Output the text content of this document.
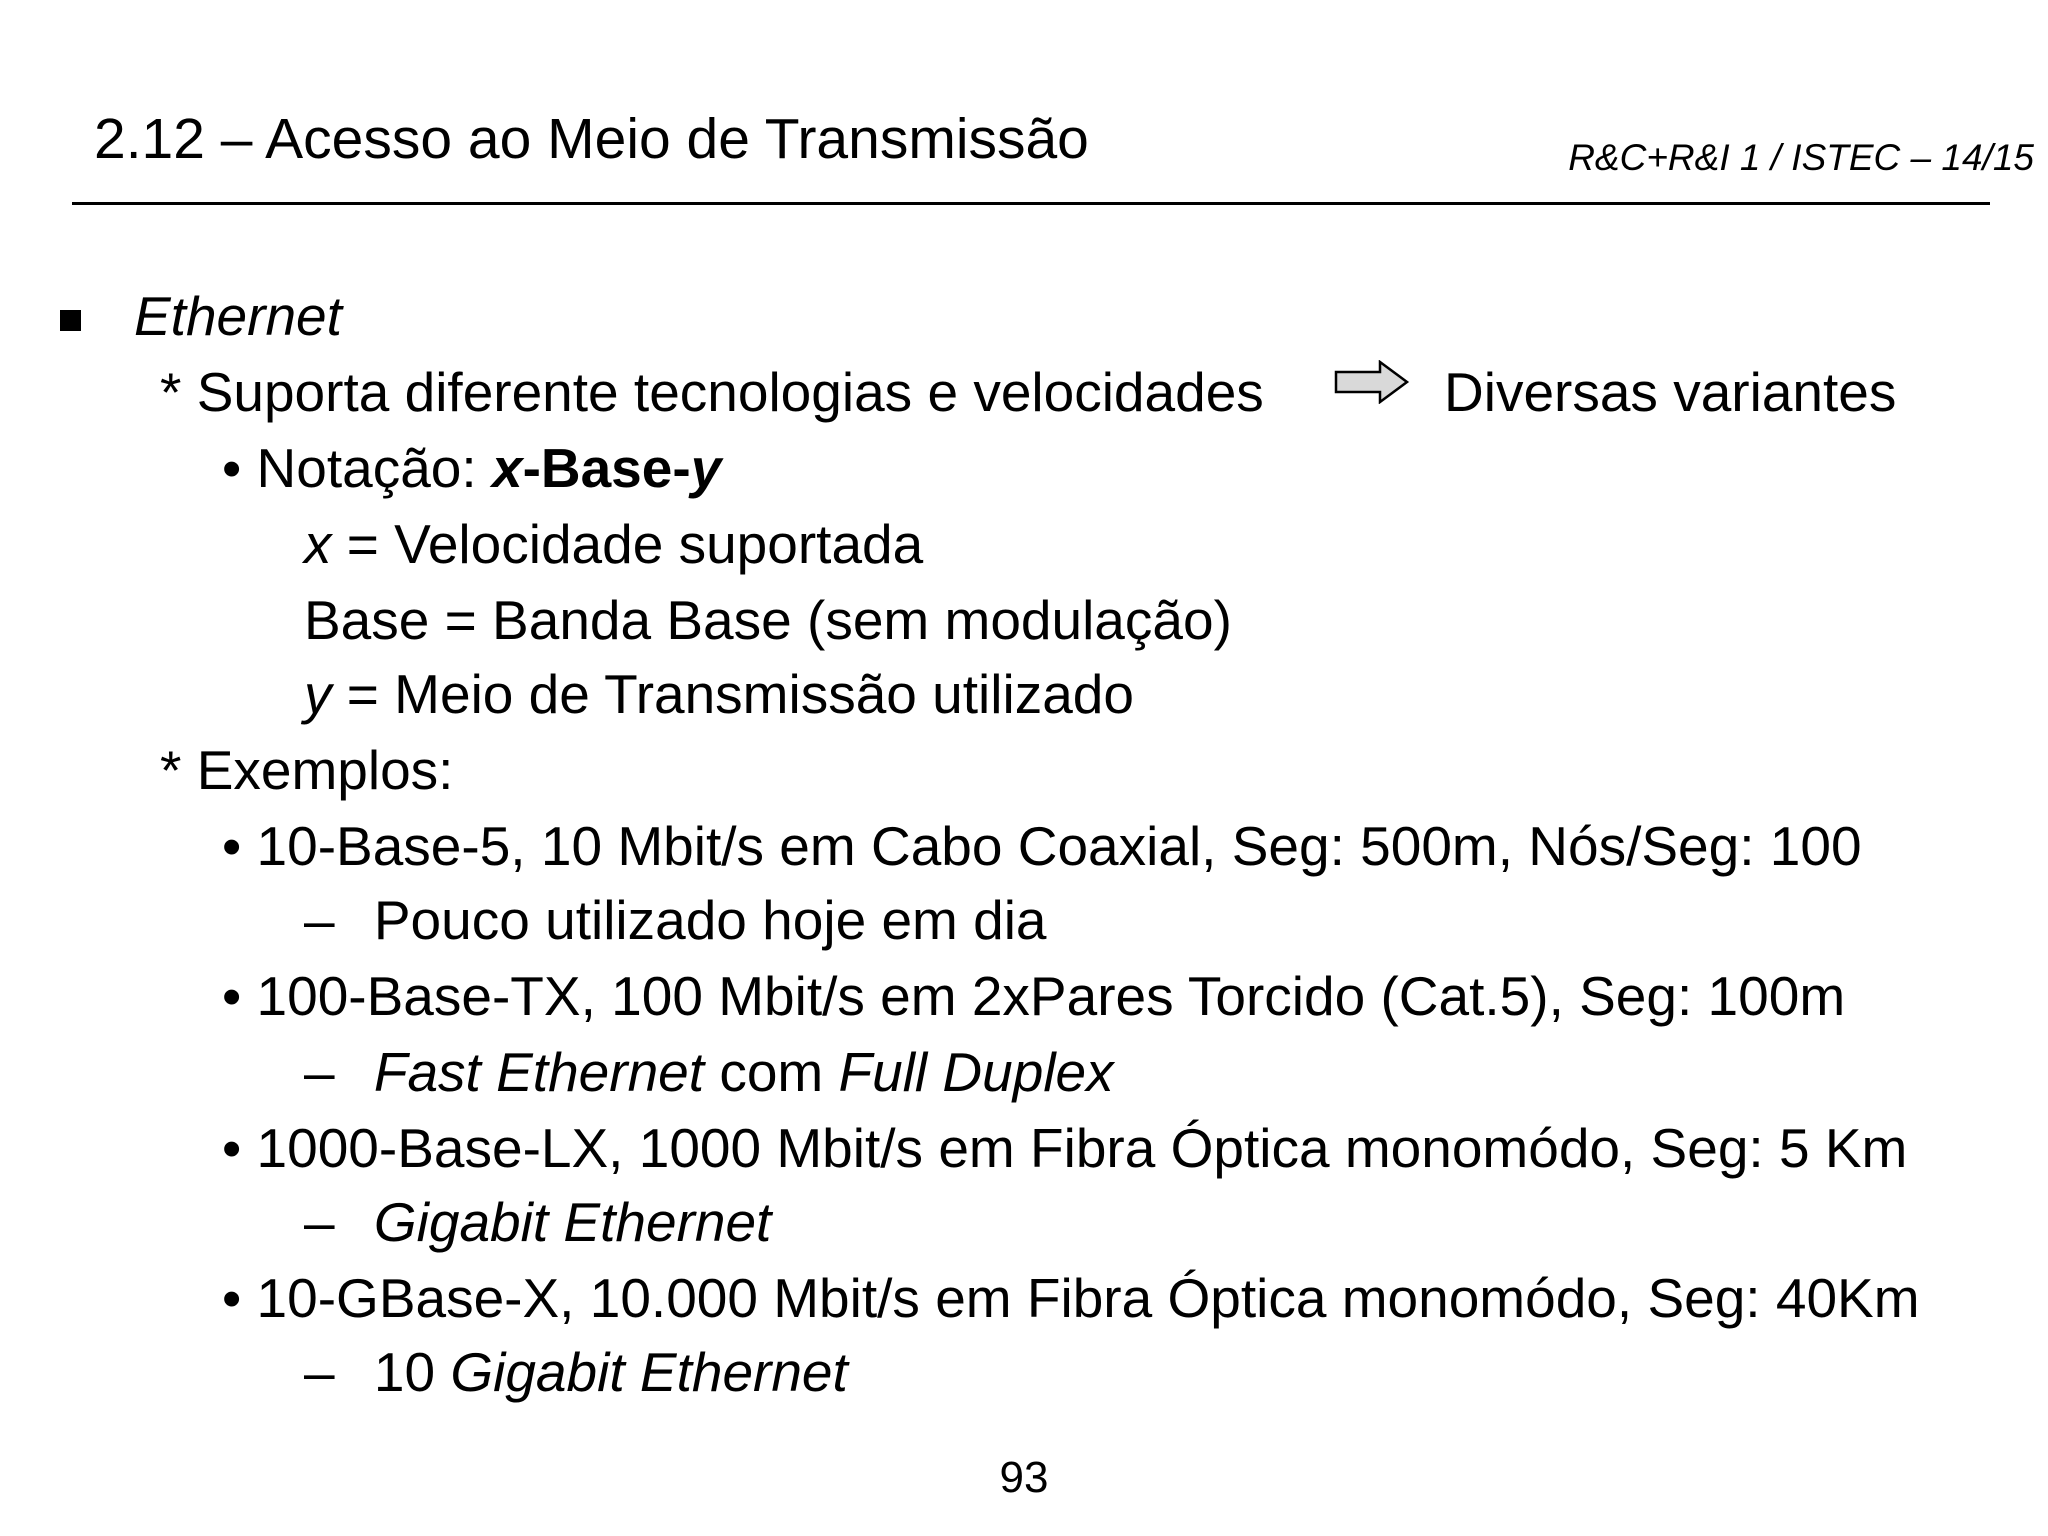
2.12 – Acesso ao Meio de Transmissão	R&C+R&I 1 / ISTEC – 14/15
Ethernet
* Suporta diferente tecnologias e velocidades	Diversas variantes
• Notação: x-Base-y
x = Velocidade suportada
Base = Banda Base (sem modulação)
y = Meio de Transmissão utilizado
* Exemplos:
• 10-Base-5, 10 Mbit/s em Cabo Coaxial, Seg: 500m, Nós/Seg: 100
– Pouco utilizado hoje em dia
• 100-Base-TX, 100 Mbit/s em 2xPares Torcido (Cat.5), Seg: 100m
– Fast Ethernet com Full Duplex
• 1000-Base-LX, 1000 Mbit/s em Fibra Óptica monomódo, Seg: 5 Km
– Gigabit Ethernet
• 10-GBase-X, 10.000 Mbit/s em Fibra Óptica monomódo, Seg: 40Km
– 10 Gigabit Ethernet
93
